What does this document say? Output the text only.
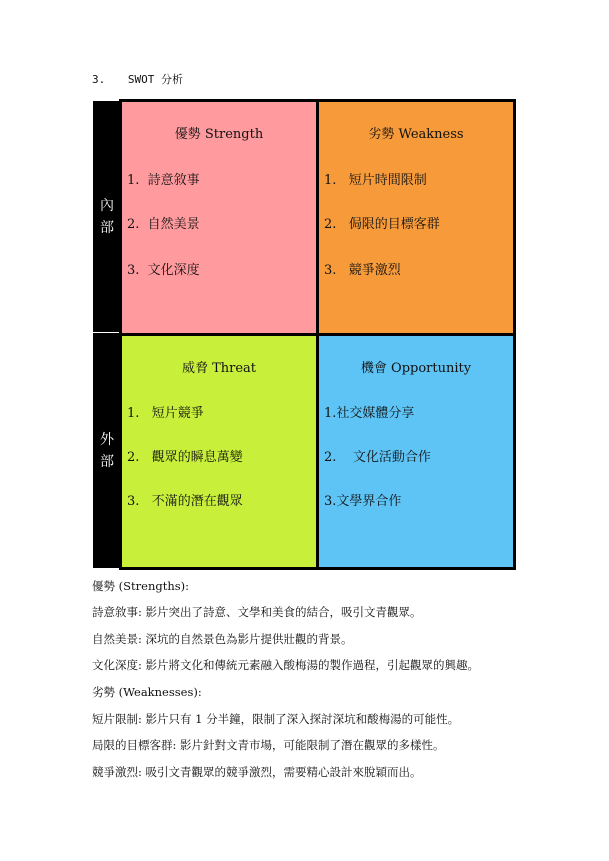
3. SWOT 分析
內
部
外
部
優勢 Strength
1.  詩意敘事
2.  自然美景
3.  文化深度
劣勢 Weakness
1.   短片時間限制
2.   侷限的目標客群
3.   競爭激烈
威脅 Threat
1.   短片競爭
2.   觀眾的瞬息萬變
3.   不滿的潛在觀眾
機會 Opportunity
1.社交媒體分享
2.    文化活動合作
3.文學界合作
優勢 (Strengths):
詩意敘事: 影片突出了詩意、文學和美食的結合，吸引文青觀眾。
自然美景: 深坑的自然景色為影片提供壯觀的背景。
文化深度: 影片將文化和傳統元素融入酸梅湯的製作過程，引起觀眾的興趣。
劣勢 (Weaknesses):
短片限制: 影片只有 1 分半鐘，限制了深入探討深坑和酸梅湯的可能性。
局限的目標客群: 影片針對文青市場，可能限制了潛在觀眾的多樣性。
競爭激烈: 吸引文青觀眾的競爭激烈，需要精心設計來脫穎而出。
